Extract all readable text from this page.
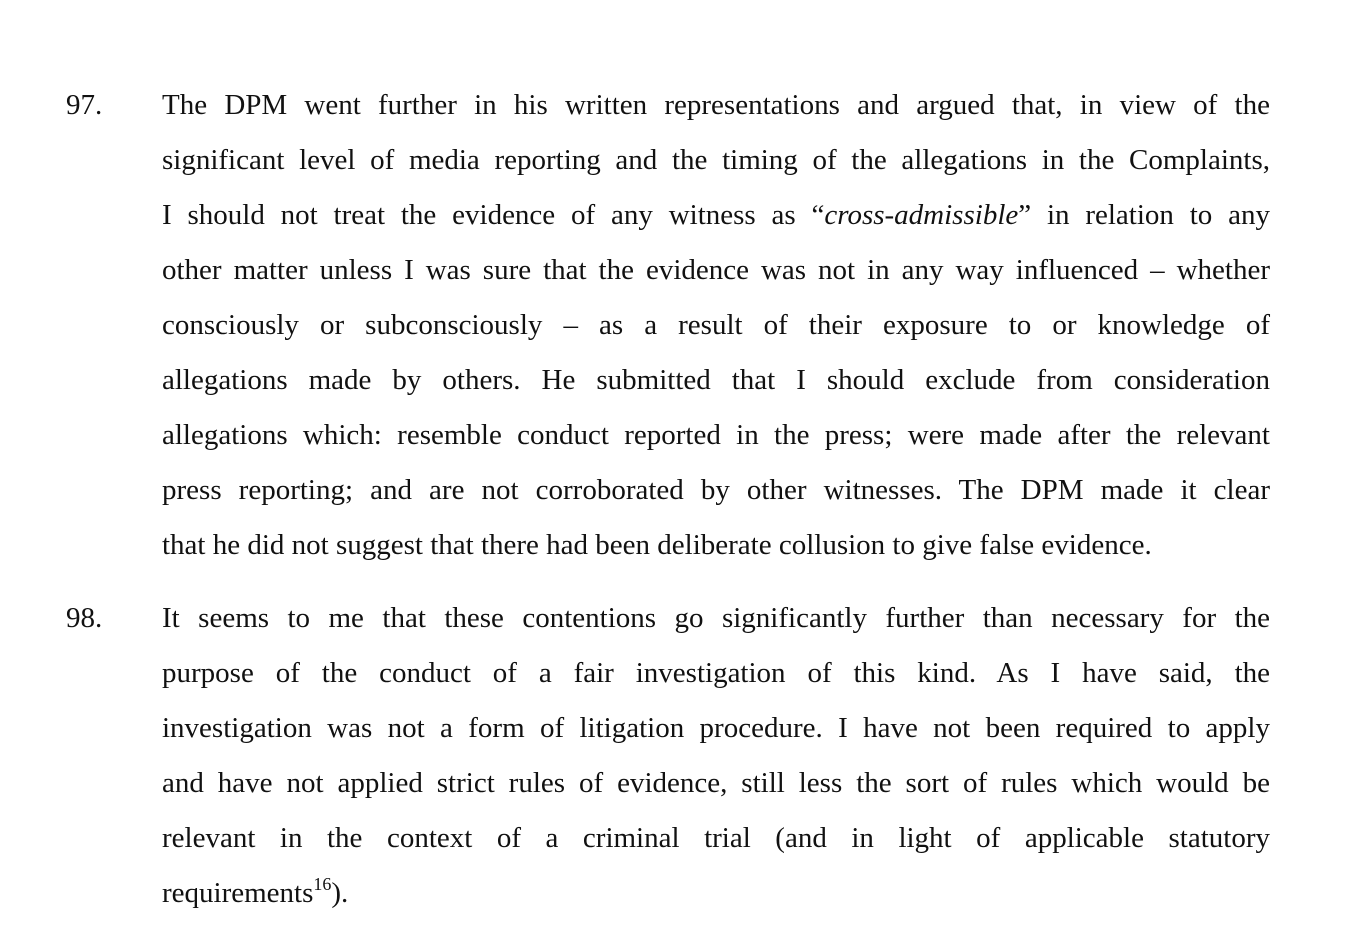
97. The DPM went further in his written representations and argued that, in view of the
significant level of media reporting and the timing of the allegations in the Complaints,
I should not treat the evidence of any witness as “cross-admissible” in relation to any
other matter unless I was sure that the evidence was not in any way influenced – whether
consciously or subconsciously – as a result of their exposure to or knowledge of
allegations made by others. He submitted that I should exclude from consideration
allegations which: resemble conduct reported in the press; were made after the relevant
press reporting; and are not corroborated by other witnesses. The DPM made it clear
that he did not suggest that there had been deliberate collusion to give false evidence.
98. It seems to me that these contentions go significantly further than necessary for the
purpose of the conduct of a fair investigation of this kind. As I have said, the
investigation was not a form of litigation procedure. I have not been required to apply
and have not applied strict rules of evidence, still less the sort of rules which would be
relevant in the context of a criminal trial (and in light of applicable statutory
requirements$^{16}$).
